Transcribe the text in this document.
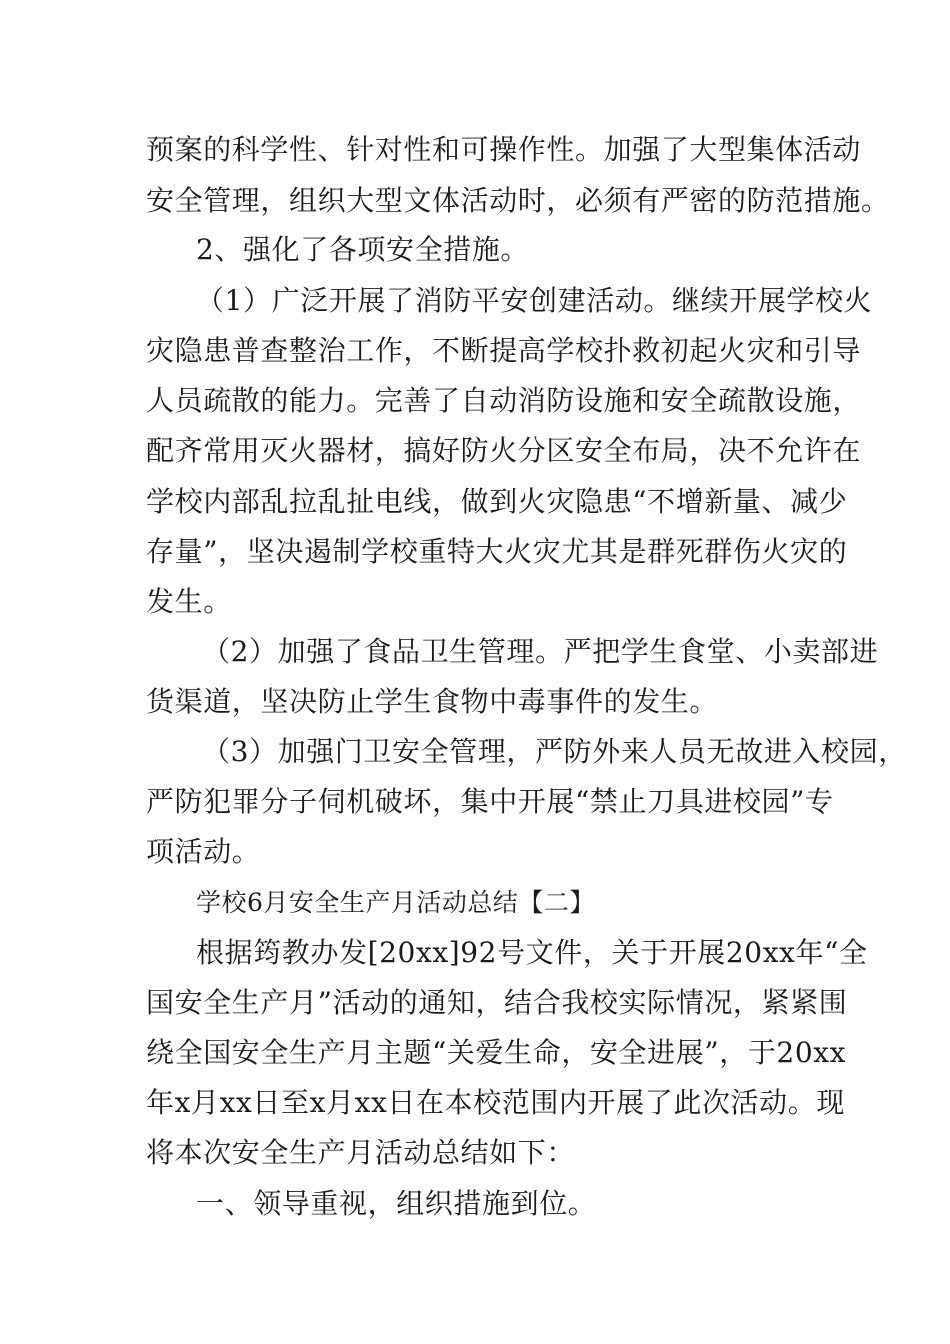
预案的科学性、针对性和可操作性。加强了大型集体活动
安全管理，组织大型文体活动时，必须有严密的防范措施。
2、强化了各项安全措施。
（1）广泛开展了消防平安创建活动。继续开展学校火
灾隐患普查整治工作，不断提高学校扑救初起火灾和引导
人员疏散的能力。完善了自动消防设施和安全疏散设施，
配齐常用灭火器材，搞好防火分区安全布局，决不允许在
学校内部乱拉乱扯电线，做到火灾隐患“不增新量、减少
存量”，坚决遏制学校重特大火灾尤其是群死群伤火灾的
发生。
（2）加强了食品卫生管理。严把学生食堂、小卖部进
货渠道，坚决防止学生食物中毒事件的发生。
（3）加强门卫安全管理，严防外来人员无故进入校园，
严防犯罪分子伺机破坏，集中开展“禁止刀具进校园”专
项活动。
学校6月安全生产月活动总结【二】
根据筠教办发[20xx]92号文件，关于开展20xx年“全
国安全生产月”活动的通知，结合我校实际情况，紧紧围
绕全国安全生产月主题“关爱生命，安全进展”，于20xx
年x月xx日至x月xx日在本校范围内开展了此次活动。现
将本次安全生产月活动总结如下：
一、领导重视，组织措施到位。
